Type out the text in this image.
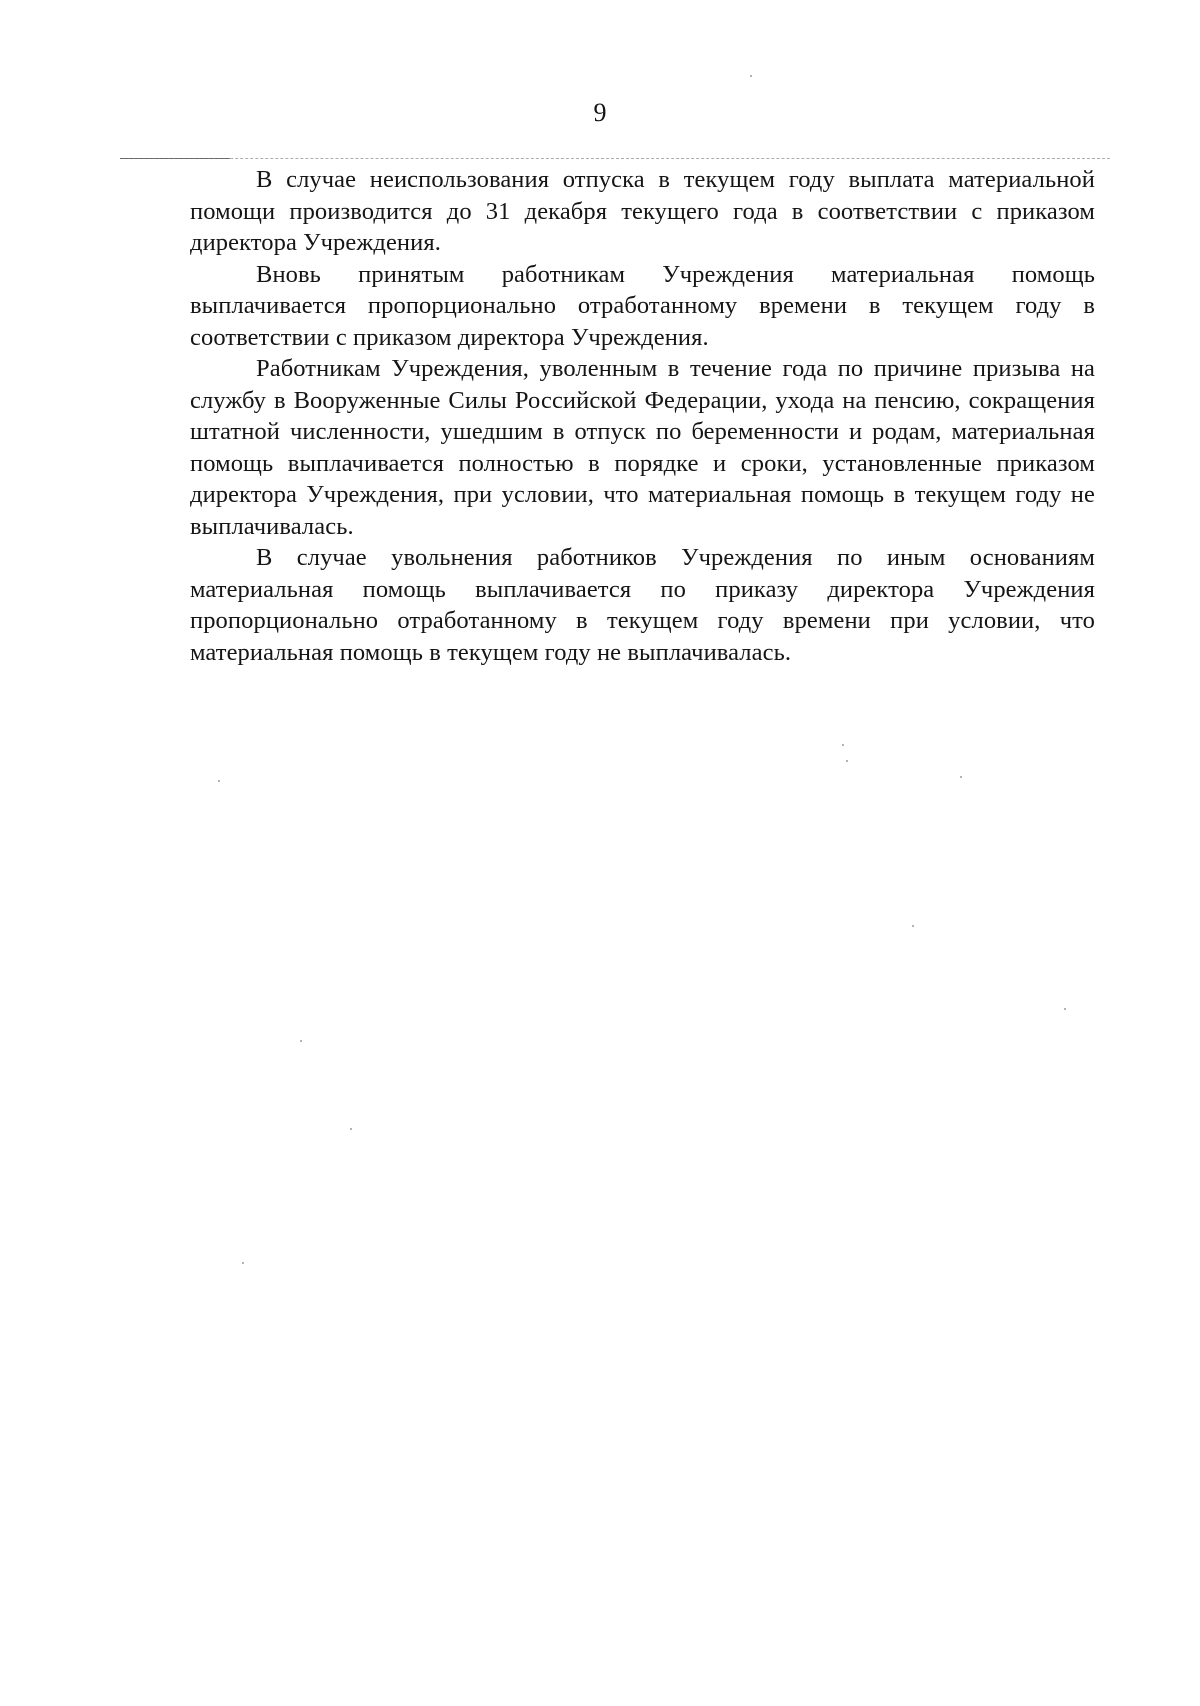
9

В случае неиспользования отпуска в текущем году выплата материальной помощи производится до 31 декабря текущего года в соответствии с приказом директора Учреждения.

Вновь принятым работникам Учреждения материальная помощь выплачивается пропорционально отработанному времени в текущем году в соответствии с приказом директора Учреждения.

Работникам Учреждения, уволенным в течение года по причине призыва на службу в Вооруженные Силы Российской Федерации, ухода на пенсию, сокращения штатной численности, ушедшим в отпуск по беременности и родам, материальная помощь выплачивается полностью в порядке и сроки, установленные приказом директора Учреждения, при условии, что материальная помощь в текущем году не выплачивалась.

В случае увольнения работников Учреждения по иным основаниям материальная помощь выплачивается по приказу директора Учреждения пропорционально отработанному в текущем году времени при условии, что материальная помощь в текущем году не выплачивалась.
